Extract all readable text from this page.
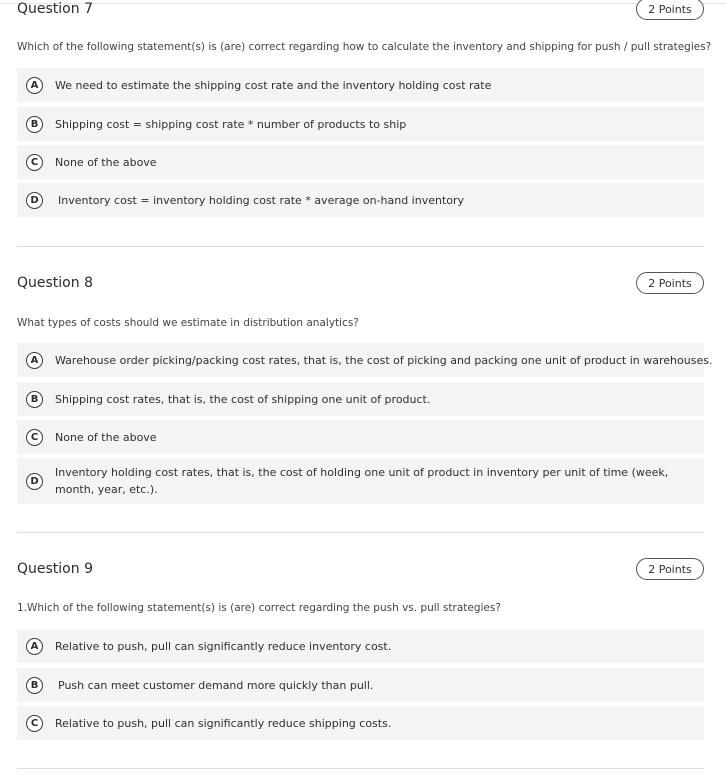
Question 7	2 Points
Which of the following statement(s) is (are) correct regarding how to calculate the inventory and shipping for push / pull strategies?
A	We need to estimate the shipping cost rate and the inventory holding cost rate
B	Shipping cost = shipping cost rate * number of products to ship
C	None of the above
D	Inventory cost = inventory holding cost rate * average on-hand inventory
Question 8	2 Points
What types of costs should we estimate in distribution analytics?
A	Warehouse order picking/packing cost rates, that is, the cost of picking and packing one unit of product in warehouses.
B	Shipping cost rates, that is, the cost of shipping one unit of product.
C	None of the above
D
Inventory holding cost rates, that is, the cost of holding one unit of product in inventory per unit of time (week, month, year, etc.).
Question 9	2 Points
1.Which of the following statement(s) is (are) correct regarding the push vs. pull strategies?
A	Relative to push, pull can significantly reduce inventory cost.
B	Push can meet customer demand more quickly than pull.
C	Relative to push, pull can significantly reduce shipping costs.
